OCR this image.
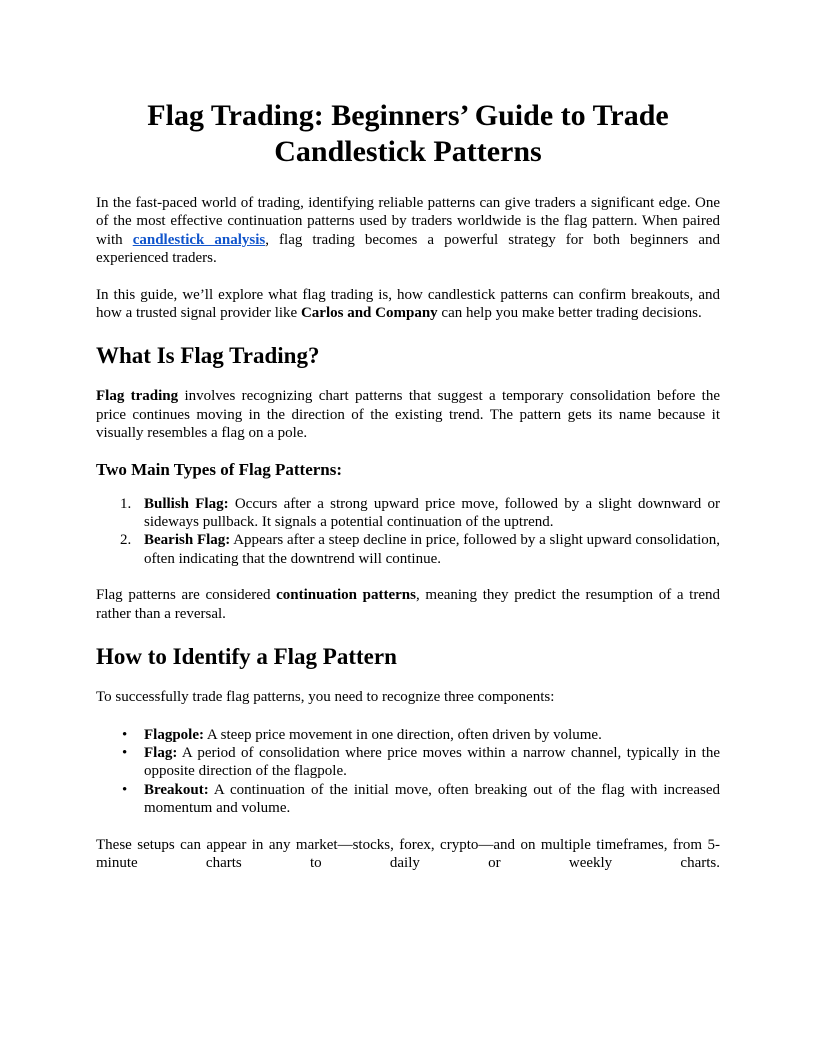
Flag Trading: Beginners’ Guide to Trade Candlestick Patterns

In the fast-paced world of trading, identifying reliable patterns can give traders a significant edge. One of the most effective continuation patterns used by traders worldwide is the flag pattern. When paired with candlestick analysis, flag trading becomes a powerful strategy for both beginners and experienced traders.

In this guide, we’ll explore what flag trading is, how candlestick patterns can confirm breakouts, and how a trusted signal provider like Carlos and Company can help you make better trading decisions.

What Is Flag Trading?

Flag trading involves recognizing chart patterns that suggest a temporary consolidation before the price continues moving in the direction of the existing trend. The pattern gets its name because it visually resembles a flag on a pole.

Two Main Types of Flag Patterns:
1. Bullish Flag: Occurs after a strong upward price move, followed by a slight downward or sideways pullback. It signals a potential continuation of the uptrend.
2. Bearish Flag: Appears after a steep decline in price, followed by a slight upward consolidation, often indicating that the downtrend will continue.

Flag patterns are considered continuation patterns, meaning they predict the resumption of a trend rather than a reversal.

How to Identify a Flag Pattern

To successfully trade flag patterns, you need to recognize three components:

• Flagpole: A steep price movement in one direction, often driven by volume.
• Flag: A period of consolidation where price moves within a narrow channel, typically in the opposite direction of the flagpole.
• Breakout: A continuation of the initial move, often breaking out of the flag with increased momentum and volume.

These setups can appear in any market—stocks, forex, crypto—and on multiple timeframes, from 5-minute charts to daily or weekly charts.
